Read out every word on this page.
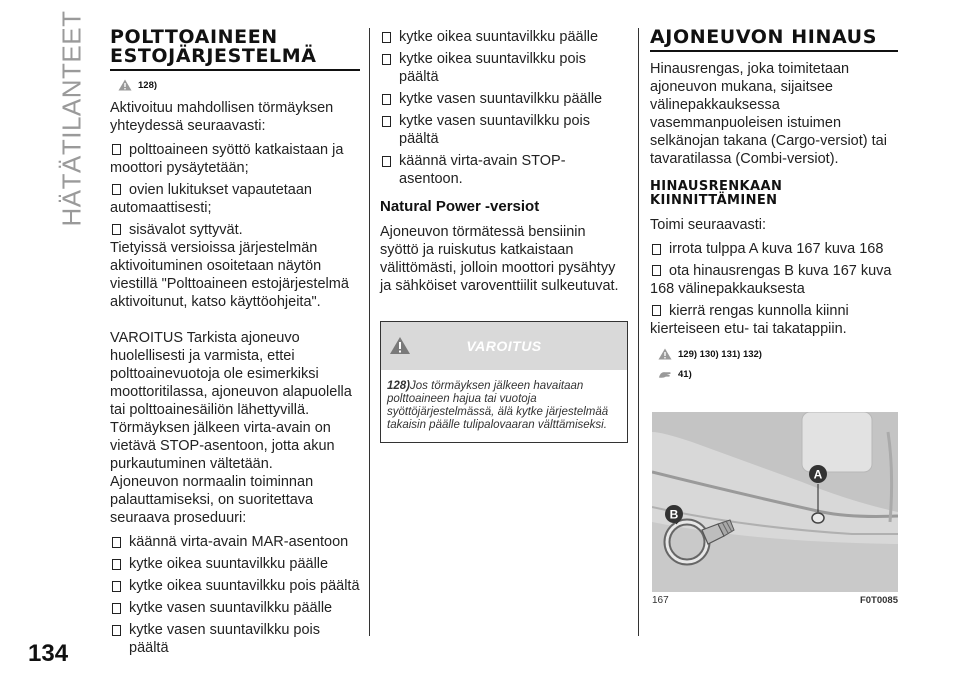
HÄTÄTILANTEET
134
POLTTOAINEEN ESTOJÄRJESTELMÄ
128)
Aktivoituu mahdollisen törmäyksen yhteydessä seuraavasti:
polttoaineen syöttö katkaistaan ja moottori pysäytetään;
ovien lukitukset vapautetaan automaattisesti;
sisävalot syttyvät.
Tietyissä versioissa järjestelmän aktivoituminen osoitetaan näytön viestillä "Polttoaineen estojärjestelmä aktivoitunut, katso käyttöohjeita".
VAROITUS Tarkista ajoneuvo huolellisesti ja varmista, ettei polttoainevuotoja ole esimerkiksi moottoritilassa, ajoneuvon alapuolella tai polttoainesäiliön lähettyvillä. Törmäyksen jälkeen virta-avain on vietävä STOP-asentoon, jotta akun purkautuminen vältetään.
Ajoneuvon normaalin toiminnan palauttamiseksi, on suoritettava seuraava proseduuri:
käännä virta-avain MAR-asentoon
kytke oikea suuntavilkku päälle
kytke oikea suuntavilkku pois päältä
kytke vasen suuntavilkku päälle
kytke vasen suuntavilkku pois päältä
kytke oikea suuntavilkku päälle
kytke oikea suuntavilkku pois päältä
kytke vasen suuntavilkku päälle
kytke vasen suuntavilkku pois päältä
käännä virta-avain STOP-asentoon.
Natural Power -versiot
Ajoneuvon törmätessä bensiinin syöttö ja ruiskutus katkaistaan välittömästi, jolloin moottori pysähtyy ja sähköiset varoventtiilit sulkeutuvat.
VAROITUS
128)Jos törmäyksen jälkeen havaitaan polttoaineen hajua tai vuotoja syöttöjärjestelmässä, älä kytke järjestelmää takaisin päälle tulipalovaaran välttämiseksi.
AJONEUVON HINAUS
Hinausrengas, joka toimitetaan ajoneuvon mukana, sijaitsee välinepakkauksessa vasemmanpuoleisen istuimen selkänojan takana (Cargo-versiot) tai tavaratilassa (Combi-versiot).
HINAUSRENKAAN KIINNITTÄMINEN
Toimi seuraavasti:
irrota tulppa A kuva 167 kuva 168
ota hinausrengas B kuva 167 kuva 168 välinepakkauksesta
kierrä rengas kunnolla kiinni kierteiseen etu- tai takatappiin.
129) 130) 131) 132)
41)
A
B
167	F0T0085
